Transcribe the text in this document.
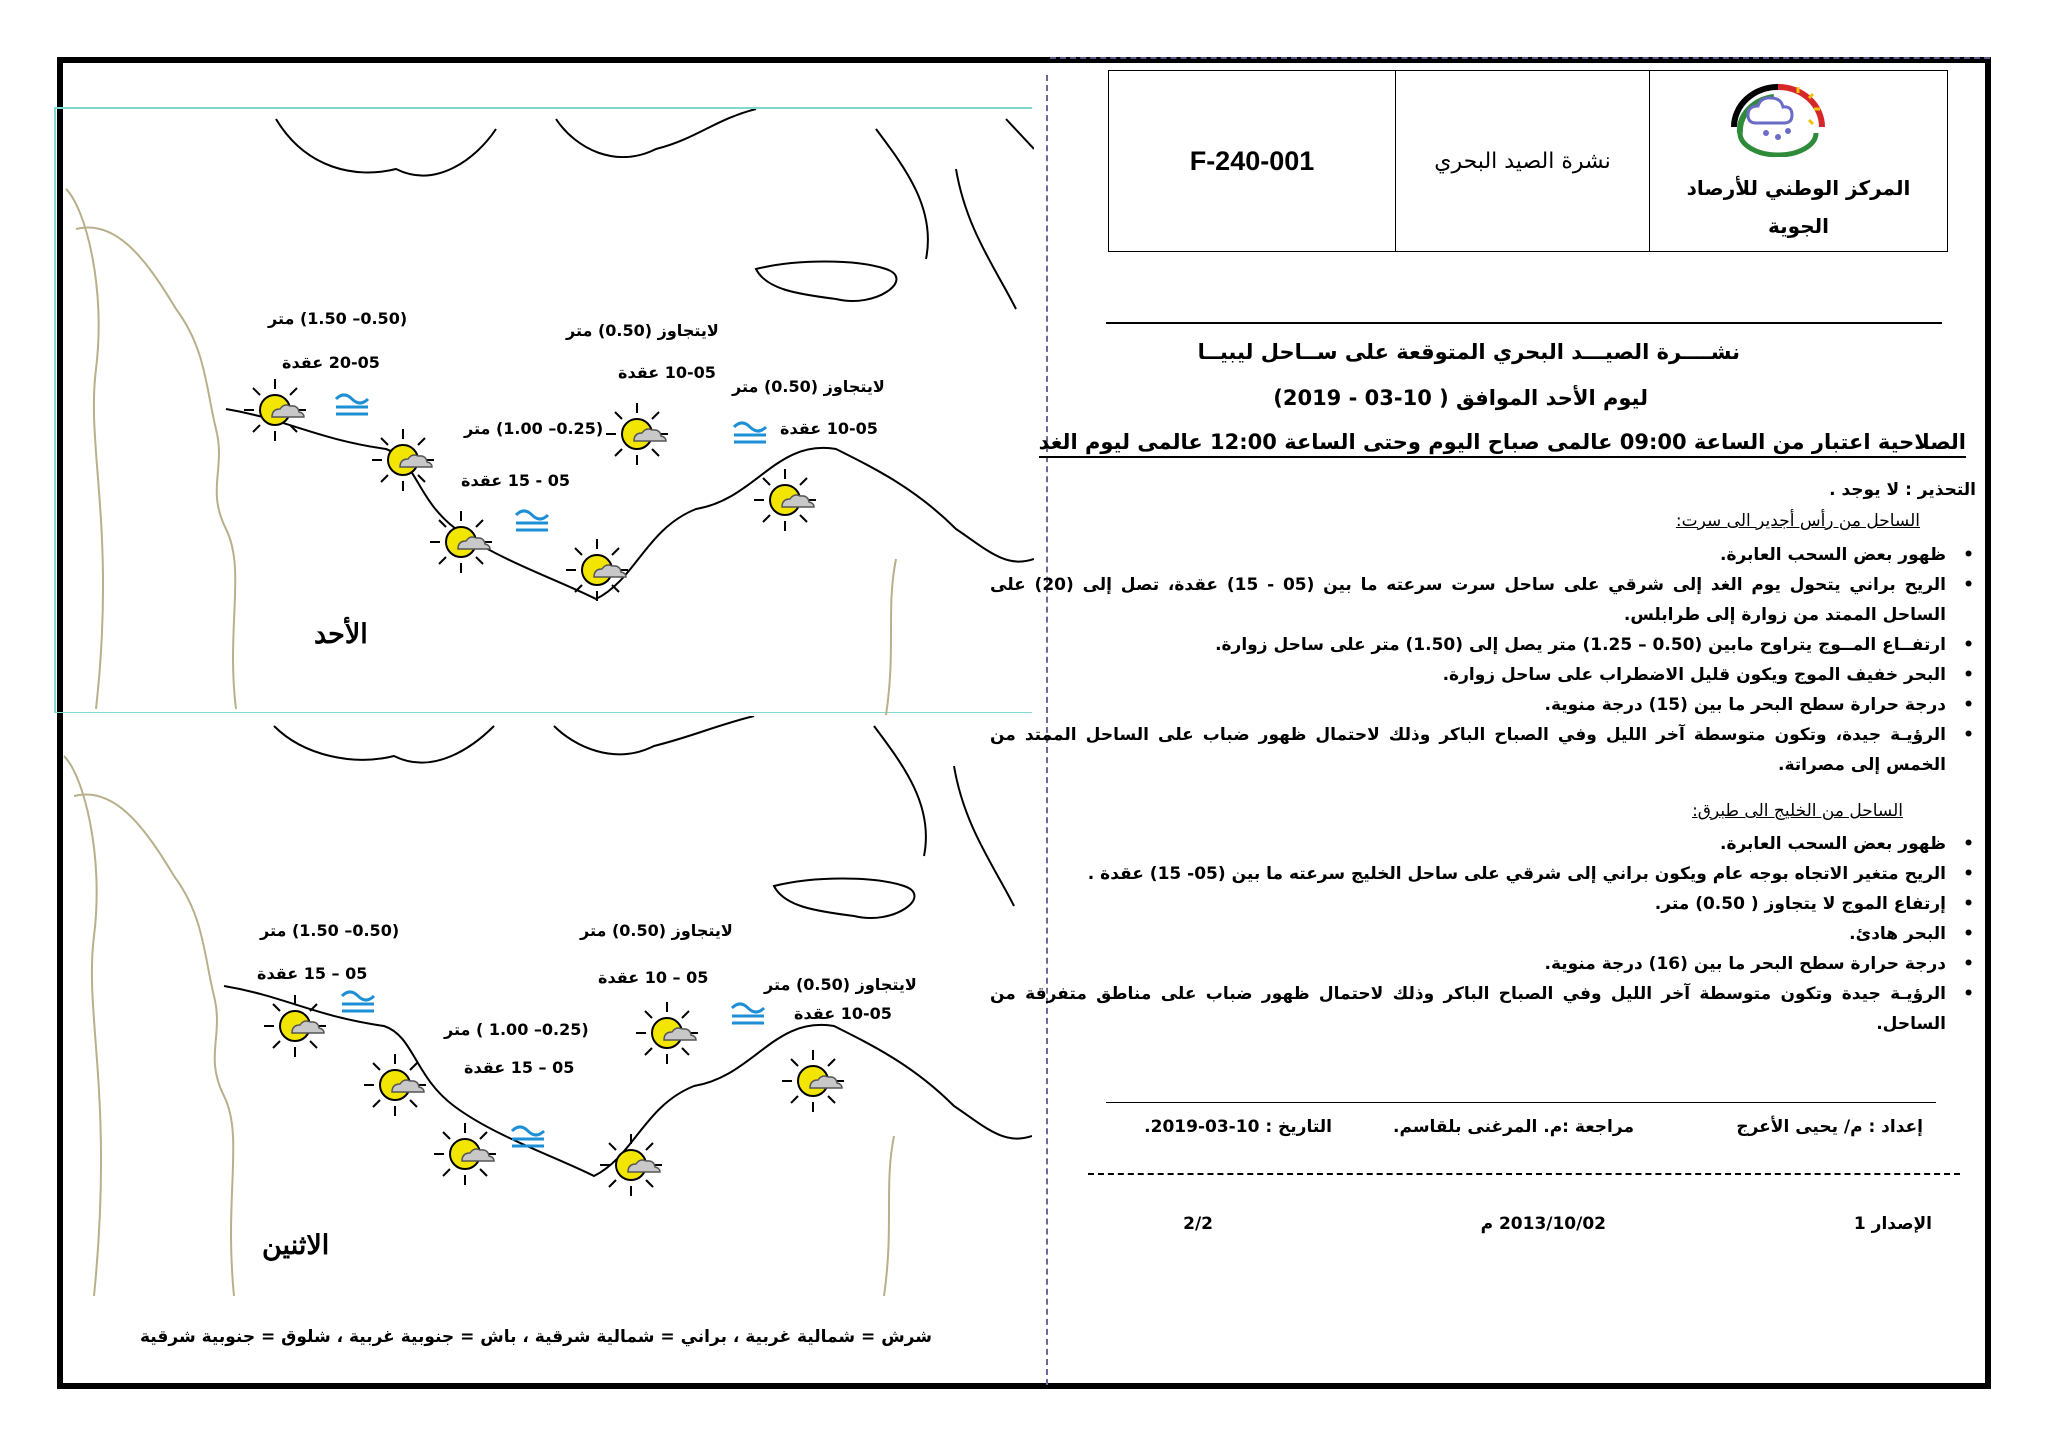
F-240-001	نشرة الصيد البحري
المركز الوطني للأرصاد
الجوية
نشــــرة الصيـــد البحري المتوقعة على ســاحل ليبيــا
ليوم الأحد الموافق ( 10-03 - 2019)
الصلاحية اعتبار من الساعة 09:00 عالمى صباح اليوم وحتى الساعة 12:00 عالمى ليوم الغد
التحذير : لا يوجد .
الساحل من رأس أجدير الى سرت:
• ظهور بعض السحب العابرة.
• الريح براني يتحول يوم الغد إلى شرقي على ساحل سرت سرعته ما بين (05 - 15) عقدة، تصل إلى (20) على الساحل الممتد من زوارة إلى طرابلس.
• ارتفــاع المــوج يتراوح مابين (0.50 – 1.25) متر يصل إلى (1.50) متر على ساحل زوارة.
• البحر خفيف الموج ويكون قليل الاضطراب على ساحل زوارة.
• درجة حرارة سطح البحر ما بين (15) درجة منوية.
• الرؤيـة جيدة، وتكون متوسطة آخر الليل وفي الصباح الباكر وذلك لاحتمال ظهور ضباب على الساحل الممتد من الخمس إلى مصراتة.
الساحل من الخليج الى طبرق:
• ظهور بعض السحب العابرة.
• الريح متغير الاتجاه بوجه عام ويكون براني إلى شرقي على ساحل الخليج سرعته ما بين (05- 15) عقدة .
• إرتفاع الموج لا يتجاوز ( 0.50) متر.
• البحر هادئ.
• درجة حرارة سطح البحر ما بين (16) درجة منوية.
• الرؤيـة جيدة وتكون متوسطة آخر الليل وفي الصباح الباكر وذلك لاحتمال ظهور ضباب على مناطق متفرقة من الساحل.
إعداد : م/ يحيى الأعرج
مراجعة :م. المرغنى بلقاسم.
التاريخ : 10-03-2019.
الإصدار 1
2013/10/02 م
2/2
(0.50– 1.50) متر
20-05 عقدة
لايتجاوز (0.50) متر
10-05 عقدة
لايتجاوز (0.50) متر
(0.25– 1.00) متر
05 - 15 عقدة
10-05 عقدة
الأحد
(0.50– 1.50) متر
05 – 15 عقدة
لايتجاوز (0.50) متر
05 – 10 عقدة	لايتجاوز (0.50) متر
10-05 عقدة
(0.25– 1.00 ) متر
05 – 15 عقدة
الاثنين
شرش = شمالية غربية ، براني = شمالية شرقية ، باش = جنوبية غربية ، شلوق = جنوبية شرقية
